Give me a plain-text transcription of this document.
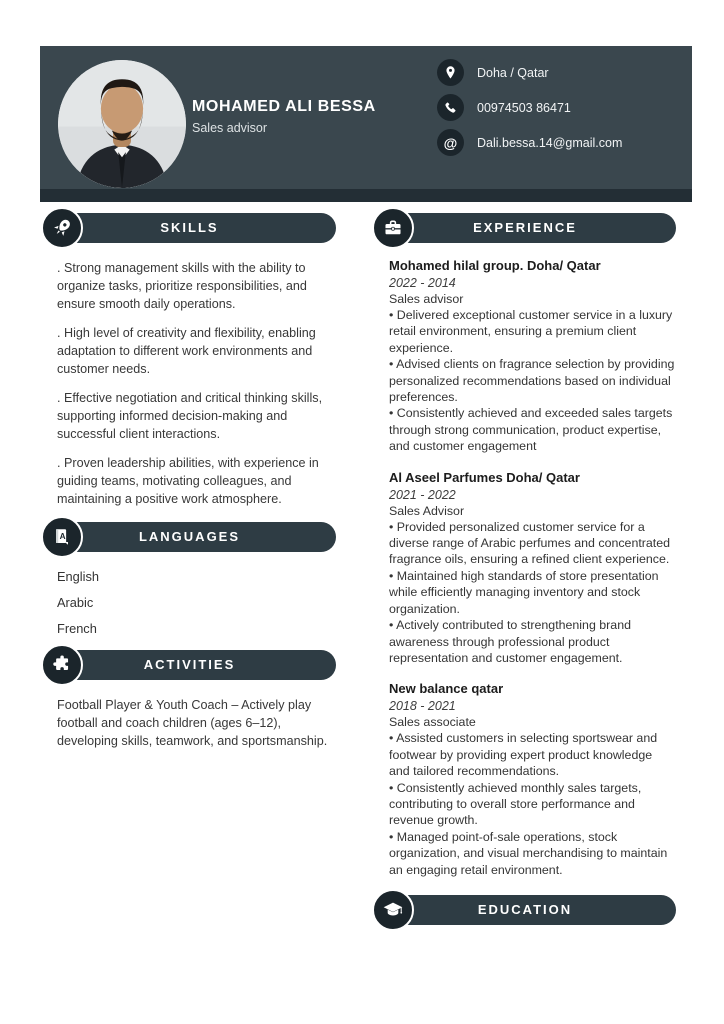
MOHAMED ALI BESSA
Sales advisor
Doha / Qatar
00974503 86471
@ Dali.bessa.14@gmail.com
SKILLS

. Strong management skills with the ability to organize tasks, prioritize responsibilities, and ensure smooth daily operations.

. High level of creativity and flexibility, enabling adaptation to different work environments and customer needs.

. Effective negotiation and critical thinking skills, supporting informed decision-making and successful client interactions.

. Proven leadership abilities, with experience in guiding teams, motivating colleagues, and maintaining a positive work atmosphere.

A	LANGUAGES
English
Arabic
French
ACTIVITIES

Football Player & Youth Coach – Actively play football and coach children (ages 6–12), developing skills, teamwork, and sportsmanship.

EXPERIENCE
Mohamed hilal group. Doha/ Qatar
2022 - 2014
Sales advisor

• Delivered exceptional customer service in a luxury retail environment, ensuring a premium client experience.

• Advised clients on fragrance selection by providing personalized recommendations based on individual preferences.

• Consistently achieved and exceeded sales targets through strong communication, product expertise, and customer engagement

Al Aseel Parfumes Doha/ Qatar
2021 - 2022
Sales Advisor

• Provided personalized customer service for a diverse range of Arabic perfumes and concentrated fragrance oils, ensuring a refined client experience.

• Maintained high standards of store presentation while efficiently managing inventory and stock organization.

• Actively contributed to strengthening brand awareness through professional product representation and customer engagement.

New balance qatar
2018 - 2021
Sales associate

• Assisted customers in selecting sportswear and footwear by providing expert product knowledge and tailored recommendations.

• Consistently achieved monthly sales targets, contributing to overall store performance and revenue growth.

• Managed point-of-sale operations, stock organization, and visual merchandising to maintain an engaging retail environment.

EDUCATION
